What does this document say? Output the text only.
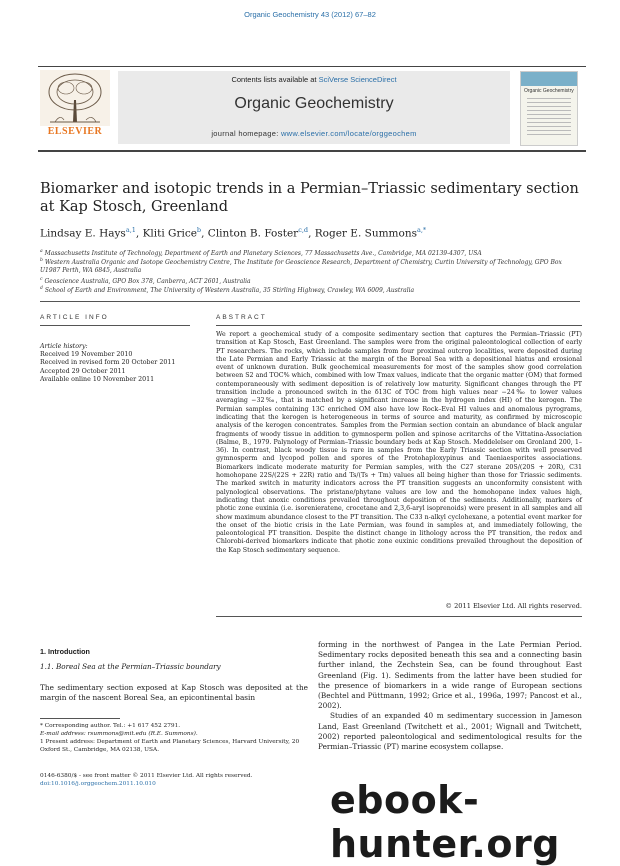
Organic Geochemistry 43 (2012) 67–82
ELSEVIER
Contents lists available at SciVerse ScienceDirect
Organic Geochemistry
journal homepage: www.elsevier.com/locate/orggeochem
Organic Geochemistry
Biomarker and isotopic trends in a Permian–Triassic sedimentary section
at Kap Stosch, Greenland
Lindsay E. Hays$^{a,1}$, Kliti Grice$^b$, Clinton B. Foster$^{c,d}$, Roger E. Summons$^{a,*}$
$^a$ Massachusetts Institute of Technology, Department of Earth and Planetary Sciences, 77 Massachusetts Ave., Cambridge, MA 02139-4307, USA
$^b$ Western Australia Organic and Isotope Geochemistry Centre, The Institute for Geoscience Research, Department of Chemistry, Curtin University of Technology, GPO Box U1987 Perth, WA 6845, Australia
$^c$ Geoscience Australia, GPO Box 378, Canberra, ACT 2601, Australia
$^d$ School of Earth and Environment, The University of Western Australia, 35 Stirling Highway, Crawley, WA 6009, Australia
ARTICLE INFO
Article history:
Received 19 November 2010
Received in revised form 20 October 2011
Accepted 29 October 2011
Available online 10 November 2011
ABSTRACT
We report a geochemical study of a composite sedimentary section that captures the Permian–Triassic (PT) transition at Kap Stosch, East Greenland. The samples were from the original paleontological collection of early PT researchers. The rocks, which include samples from four proximal outcrop localities, were deposited during the Late Permian and Early Triassic at the margin of the Boreal Sea with a depositional hiatus and erosional event of unknown duration. Bulk geochemical measurements for most of the samples show good correlation between S2 and TOC% which, combined with low Tmax values, indicate that the organic matter (OM) that formed contemporaneously with sediment deposition is of relatively low maturity. Significant changes through the PT transition include a pronounced switch in the δ13C of TOC from high values near −24‰ to lower values averaging −32‰, that is matched by a significant increase in the hydrogen index (HI) of the kerogen. The Permian samples containing 13C enriched OM also have low Rock–Eval HI values and anomalous pyrograms, indicating that the kerogen is heterogeneous in terms of source and maturity, as confirmed by microscopic analysis of the kerogen concentrates. Samples from the Permian section contain an abundance of black angular fragments of woody tissue in addition to gymnosperm pollen and spinose acritarchs of the Vittatina-Association (Balme, B., 1979. Palynology of Permian–Triassic boundary beds at Kap Stosch. Meddelelser om Gronland 200, 1–36). In contrast, black woody tissue is rare in samples from the Early Triassic section with well preserved gymnosperm and lycopod pollen and spores of the Protohaploxypinus and Taeniaesporites associations. Biomarkers indicate moderate maturity for Permian samples, with the C27 sterane 20S/(20S + 20R), C31 homohopane 22S/(22S + 22R) ratio and Ts/(Ts + Tm) values all being higher than those for Triassic sediments. The marked switch in maturity indicators across the PT transition suggests an unconformity consistent with palynological observations. The pristane/phytane values are low and the homohopane index values high, indicating that anoxic conditions prevailed throughout deposition of the sediments. Additionally, markers of photic zone euxinia (i.e. isorenieratene, crocetane and 2,3,6-aryl isoprenoids) were present in all samples and all show maximum abundance closest to the PT transition. The C33 n-alkyl cyclohexane, a potential event marker for the onset of the biotic crisis in the Late Permian, was found in samples at, and immediately following, the paleontological PT transition. Despite the distinct change in lithology across the PT transition, the redox and Chlorobi-derived biomarkers indicate that photic zone euxinic conditions prevailed throughout the deposition of the Kap Stosch sedimentary sequence.
© 2011 Elsevier Ltd. All rights reserved.
1. Introduction
1.1. Boreal Sea at the Permian–Triassic boundary
The sedimentary section exposed at Kap Stosch was deposited at the margin of the nascent Boreal Sea, an epicontinental basin
forming in the northwest of Pangea in the Late Permian Period. Sedimentary rocks deposited beneath this sea and a connecting basin further inland, the Zechstein Sea, can be found throughout East Greenland (Fig. 1). Sediments from the latter have been studied for the presence of biomarkers in a wide range of European sections (Bechtel and Püttmann, 1992; Grice et al., 1996a, 1997; Pancost et al., 2002).
Studies of an expanded 40 m sedimentary succession in Jameson Land, East Greenland (Twitchett et al., 2001; Wignall and Twitchett, 2002) reported paleontological and sedimentological results for the Permian–Triassic (PT) marine ecosystem collapse.
* Corresponding author. Tel.: +1 617 452 2791.
E-mail address: rsummons@mit.edu (R.E. Summons).
1 Present address: Department of Earth and Planetary Sciences, Harvard University, 20 Oxford St., Cambridge, MA 02138, USA.
0146-6380/$ - see front matter © 2011 Elsevier Ltd. All rights reserved.
doi:10.1016/j.orggeochem.2011.10.010	ebook-hunter.org
